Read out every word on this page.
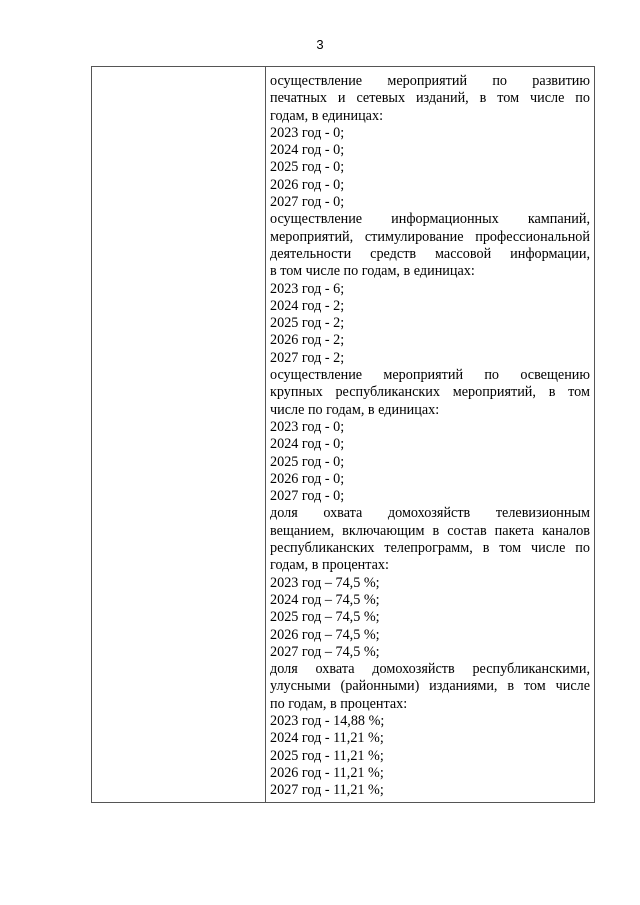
3
осуществление мероприятий по развитию
печатных и сетевых изданий, в том числе по
годам, в единицах:
2023 год - 0;
2024 год - 0;
2025 год - 0;
2026 год - 0;
2027 год - 0;
осуществление информационных кампаний,
мероприятий, стимулирование профессиональной
деятельности средств массовой информации,
в том числе по годам, в единицах:
2023 год - 6;
2024 год - 2;
2025 год - 2;
2026 год - 2;
2027 год - 2;
осуществление мероприятий по освещению
крупных республиканских мероприятий, в том
числе по годам, в единицах:
2023 год - 0;
2024 год - 0;
2025 год - 0;
2026 год - 0;
2027 год - 0;
доля охвата домохозяйств телевизионным
вещанием, включающим в состав пакета каналов
республиканских телепрограмм, в том числе по
годам, в процентах:
2023 год – 74,5 %;
2024 год – 74,5 %;
2025 год – 74,5 %;
2026 год – 74,5 %;
2027 год – 74,5 %;
доля охвата домохозяйств республиканскими,
улусными (районными) изданиями, в том числе
по годам, в процентах:
2023 год - 14,88 %;
2024 год - 11,21 %;
2025 год - 11,21 %;
2026 год - 11,21 %;
2027 год - 11,21 %;
